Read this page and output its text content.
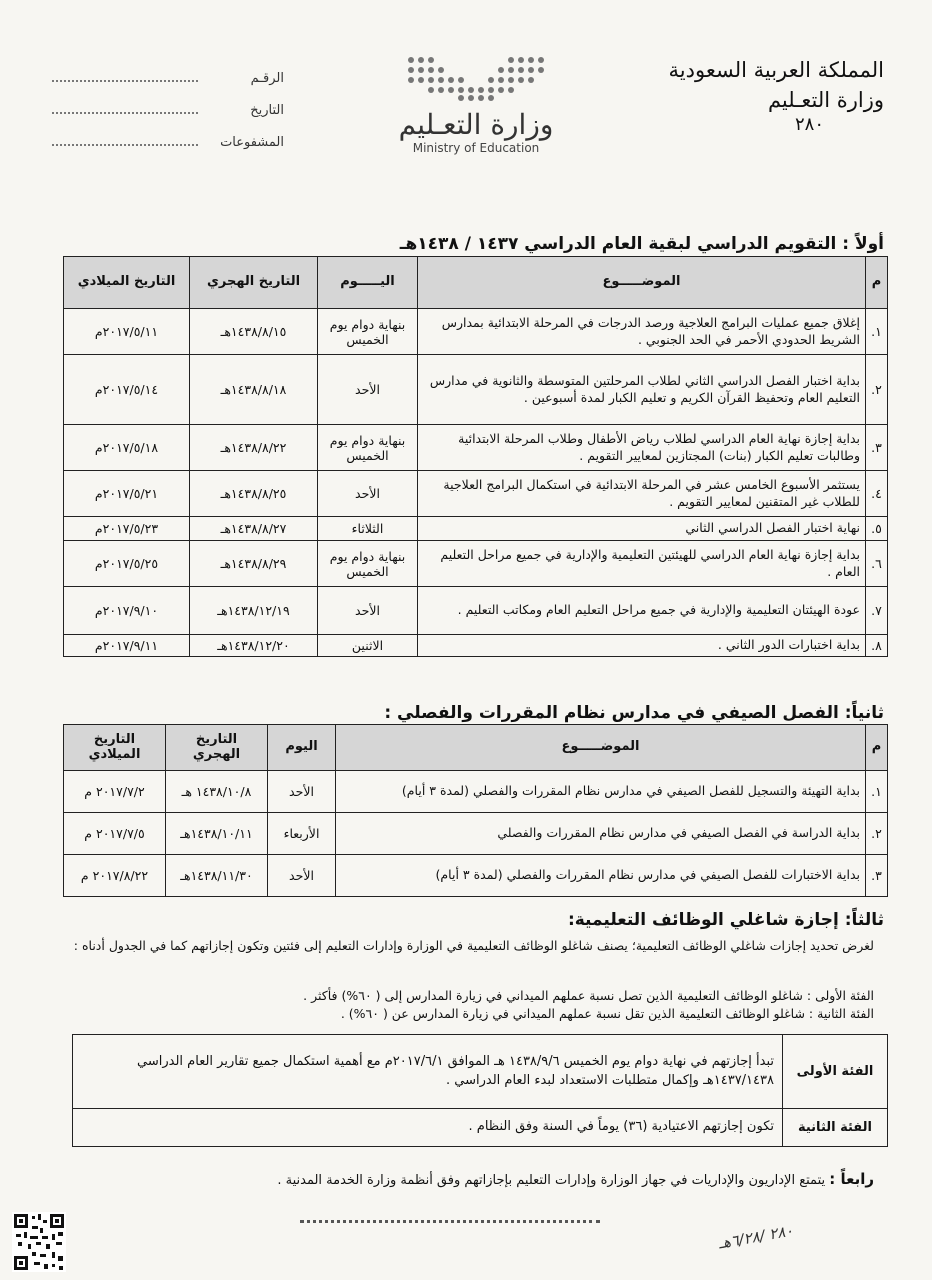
المملكة العربية السعودية
وزارة التعـليم
٢٨٠
وزارة التعـليم
Ministry of Education
الرقـم
التاريخ
المشفوعات
أولاً : التقويم الدراسي لبقية العام الدراسي ١٤٣٧ / ١٤٣٨هـ
م	الموضـــــوع	اليـــــوم	التاريخ الهجري	التاريخ الميلادي
١.	إغلاق جميع عمليات البرامج العلاجية ورصد الدرجات في المرحلة الابتدائية بمدارس الشريط الحدودي الأحمر في الحد الجنوبي .	بنهاية دوام يوم الخميس	١٤٣٨/٨/١٥هـ	٢٠١٧/٥/١١م
٢.	بداية اختبار الفصل الدراسي الثاني لطلاب المرحلتين المتوسطة والثانوية في مدارس التعليم العام وتحفيظ القرآن الكريم و تعليم الكبار لمدة أسبوعين .	الأحد	١٤٣٨/٨/١٨هـ	٢٠١٧/٥/١٤م
٣.	بداية إجازة نهاية العام الدراسي لطلاب رياض الأطفال وطلاب المرحلة الابتدائية وطالبات تعليم الكبار (بنات) المجتازين لمعايير التقويم .	بنهاية دوام يوم الخميس	١٤٣٨/٨/٢٢هـ	٢٠١٧/٥/١٨م
٤.	يستثمر الأسبوع الخامس عشر في المرحلة الابتدائية في استكمال البرامج العلاجية للطلاب غير المتقنين لمعايير التقويم .	الأحد	١٤٣٨/٨/٢٥هـ	٢٠١٧/٥/٢١م
٥.	نهاية اختبار الفصل الدراسي الثاني	الثلاثاء	١٤٣٨/٨/٢٧هـ	٢٠١٧/٥/٢٣م
٦.	بداية إجازة نهاية العام الدراسي للهيئتين التعليمية والإدارية في جميع مراحل التعليم العام .	بنهاية دوام يوم الخميس	١٤٣٨/٨/٢٩هـ	٢٠١٧/٥/٢٥م
٧.	عودة الهيئتان التعليمية والإدارية في جميع مراحل التعليم العام ومكاتب التعليم .	الأحد	١٤٣٨/١٢/١٩هـ	٢٠١٧/٩/١٠م
٨.	بداية اختبارات الدور الثاني .	الاثنين	١٤٣٨/١٢/٢٠هـ	٢٠١٧/٩/١١م
ثانياً: الفصل الصيفي في مدارس نظام المقررات والفصلي :
م	الموضـــــوع	اليوم	التاريخ الهجري	التاريخ الميلادي
١.	بداية التهيئة والتسجيل للفصل الصيفي في مدارس نظام المقررات والفصلي (لمدة ٣ أيام)	الأحد	١٤٣٨/١٠/٨ هـ	٢٠١٧/٧/٢ م
٢.	بداية الدراسة في الفصل الصيفي في مدارس نظام المقررات والفصلي	الأربعاء	١٤٣٨/١٠/١١هـ	٢٠١٧/٧/٥ م
٣.	بداية الاختبارات للفصل الصيفي في مدارس نظام المقررات والفصلي (لمدة ٣ أيام)	الأحد	١٤٣٨/١١/٣٠هـ	٢٠١٧/٨/٢٢ م
ثالثاً: إجازة شاغلي الوظائف التعليمية:
لغرض تحديد إجازات شاغلي الوظائف التعليمية؛ يصنف شاغلو الوظائف التعليمية في الوزارة وإدارات التعليم إلى فئتين وتكون إجازاتهم كما في الجدول أدناه :
الفئة الأولى : شاغلو الوظائف التعليمية الذين تصل نسبة عملهم الميداني في زيارة المدارس إلى ( ٦٠%) فأكثر .
الفئة الثانية : شاغلو الوظائف التعليمية الذين تقل نسبة عملهم الميداني في زيارة المدارس عن ( ٦٠%) .
الفئة الأولى	تبدأ إجازتهم في نهاية دوام يوم الخميس ١٤٣٨/٩/٦ هـ الموافق ٢٠١٧/٦/١م مع أهمية استكمال جميع تقارير العام الدراسي ١٤٣٧/١٤٣٨هـ وإكمال متطلبات الاستعداد لبدء العام الدراسي .
الفئة الثانية	تكون إجازتهم الاعتيادية (٣٦) يوماً في السنة وفق النظام .
رابعاً : يتمتع الإداريون والإداريات في جهاز الوزارة وإدارات التعليم بإجازاتهم وفق أنظمة وزارة الخدمة المدنية .
٢٨٠ /٦/٢٨هـ
